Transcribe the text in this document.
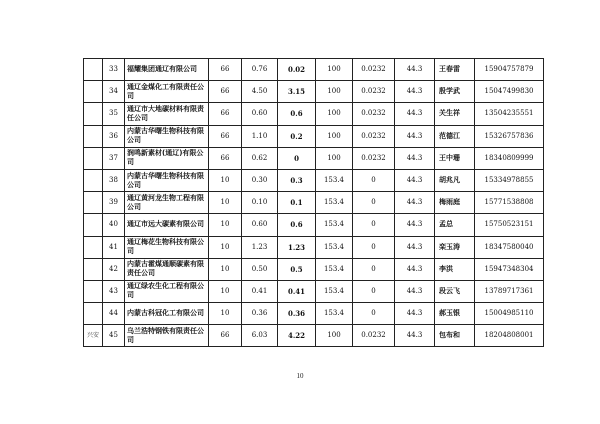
	33	福耀集团通辽有限公司	66	0.76	0.02	100	0.0232	44.3	王春雷	15904757879
	34	通辽金煤化工有限责任公司	66	4.50	3.15	100	0.0232	44.3	殷学武	15047499830
	35	通辽市大地碳材料有限责任公司	66	0.60	0.6	100	0.0232	44.3	关生祥	13504235551
	36	内蒙古华曙生物科技有限公司	66	1.10	0.2	100	0.0232	44.3	范德江	15326757836
	37	润鸣新素材(通辽)有限公司	66	0.62	0	100	0.0232	44.3	王中珊	18340809999
	38	内蒙古华曙生物科技有限公司	10	0.30	0.3	153.4	0	44.3	胡兆凡	15334978855
	39	通辽黄河龙生物工程有限公司	10	0.10	0.1	153.4	0	44.3	梅雨庭	15771538808
	40	通辽市远大碳素有限公司	10	0.60	0.6	153.4	0	44.3	孟总	15750523151
	41	通辽梅花生物科技有限公司	10	1.23	1.23	153.4	0	44.3	栾玉涛	18347580040
	42	内蒙古霍煤通顺碳素有限责任公司	10	0.50	0.5	153.4	0	44.3	李洪	15947348304
	43	通辽绿农生化工程有限公司	10	0.41	0.41	153.4	0	44.3	段云飞	13789717361
	44	内蒙古科冠化工有限公司	10	0.36	0.36	153.4	0	44.3	郝玉银	15004985110
兴安	45	乌兰浩特钢铁有限责任公司	66	6.03	4.22	100	0.0232	44.3	包布和	18204808001
10
